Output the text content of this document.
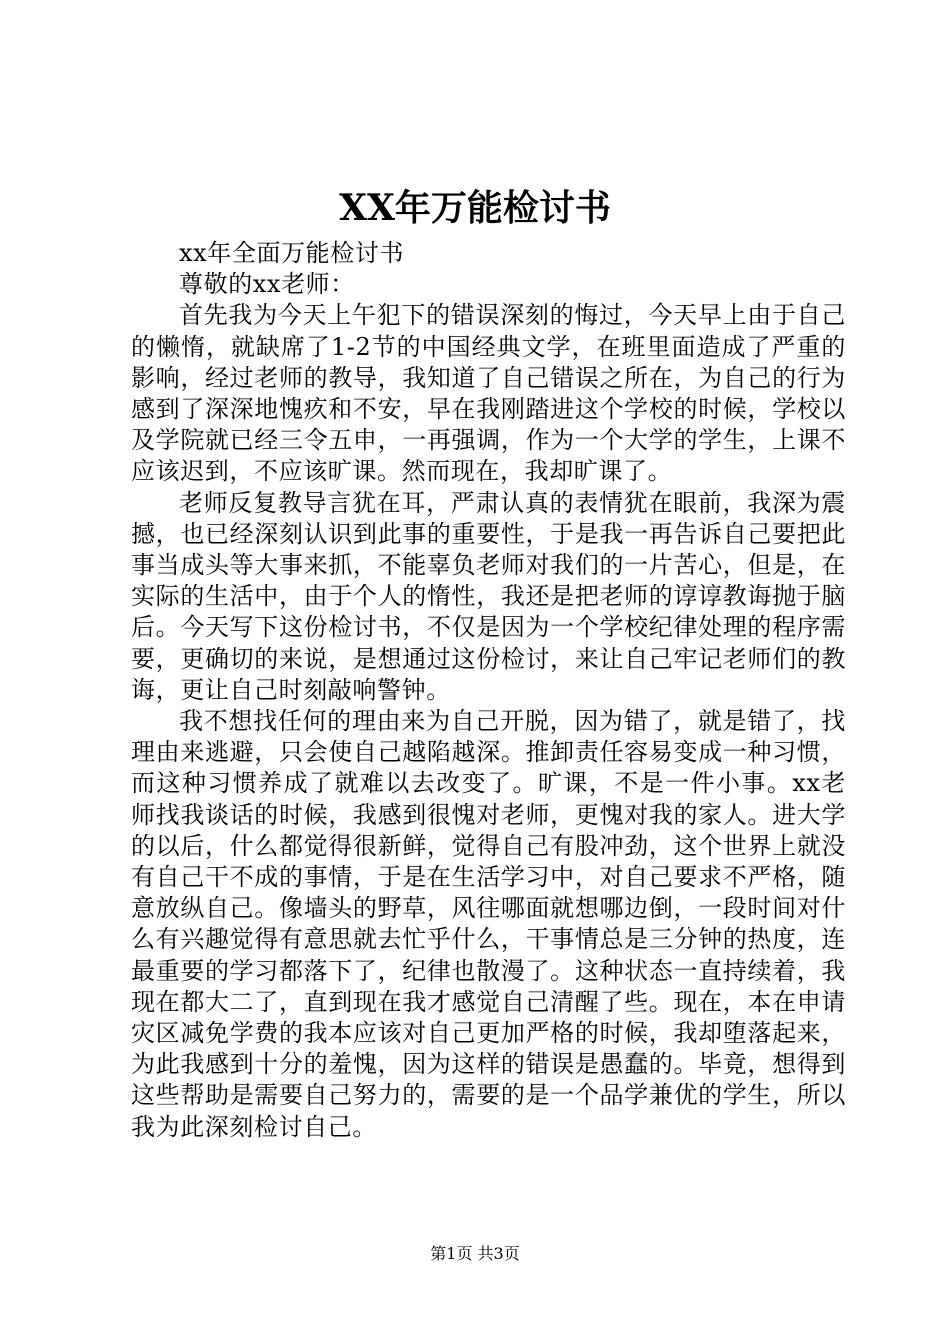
XX年万能检讨书

xx年全面万能检讨书

尊敬的xx老师：

首先我为今天上午犯下的错误深刻的悔过，今天早上由于自己的懒惰，就缺席了1-2节的中国经典文学，在班里面造成了严重的影响，经过老师的教导，我知道了自己错误之所在，为自己的行为感到了深深地愧疚和不安，早在我刚踏进这个学校的时候，学校以及学院就已经三令五申，一再强调，作为一个大学的学生，上课不应该迟到，不应该旷课。然而现在，我却旷课了。

老师反复教导言犹在耳，严肃认真的表情犹在眼前，我深为震撼，也已经深刻认识到此事的重要性，于是我一再告诉自己要把此事当成头等大事来抓，不能辜负老师对我们的一片苦心，但是，在实际的生活中，由于个人的惰性，我还是把老师的谆谆教诲抛于脑后。今天写下这份检讨书，不仅是因为一个学校纪律处理的程序需要，更确切的来说，是想通过这份检讨，来让自己牢记老师们的教诲，更让自己时刻敲响警钟。

我不想找任何的理由来为自己开脱，因为错了，就是错了，找理由来逃避，只会使自己越陷越深。推卸责任容易变成一种习惯，而这种习惯养成了就难以去改变了。旷课，不是一件小事。xx老师找我谈话的时候，我感到很愧对老师，更愧对我的家人。进大学的以后，什么都觉得很新鲜，觉得自己有股冲劲，这个世界上就没有自己干不成的事情，于是在生活学习中，对自己要求不严格，随意放纵自己。像墙头的野草，风往哪面就想哪边倒，一段时间对什么有兴趣觉得有意思就去忙乎什么，干事情总是三分钟的热度，连最重要的学习都落下了，纪律也散漫了。这种状态一直持续着，我现在都大二了，直到现在我才感觉自己清醒了些。现在，本在申请灾区减免学费的我本应该对自己更加严格的时候，我却堕落起来，为此我感到十分的羞愧，因为这样的错误是愚蠢的。毕竟，想得到这些帮助是需要自己努力的，需要的是一个品学兼优的学生，所以我为此深刻检讨自己。

第1页 共3页
